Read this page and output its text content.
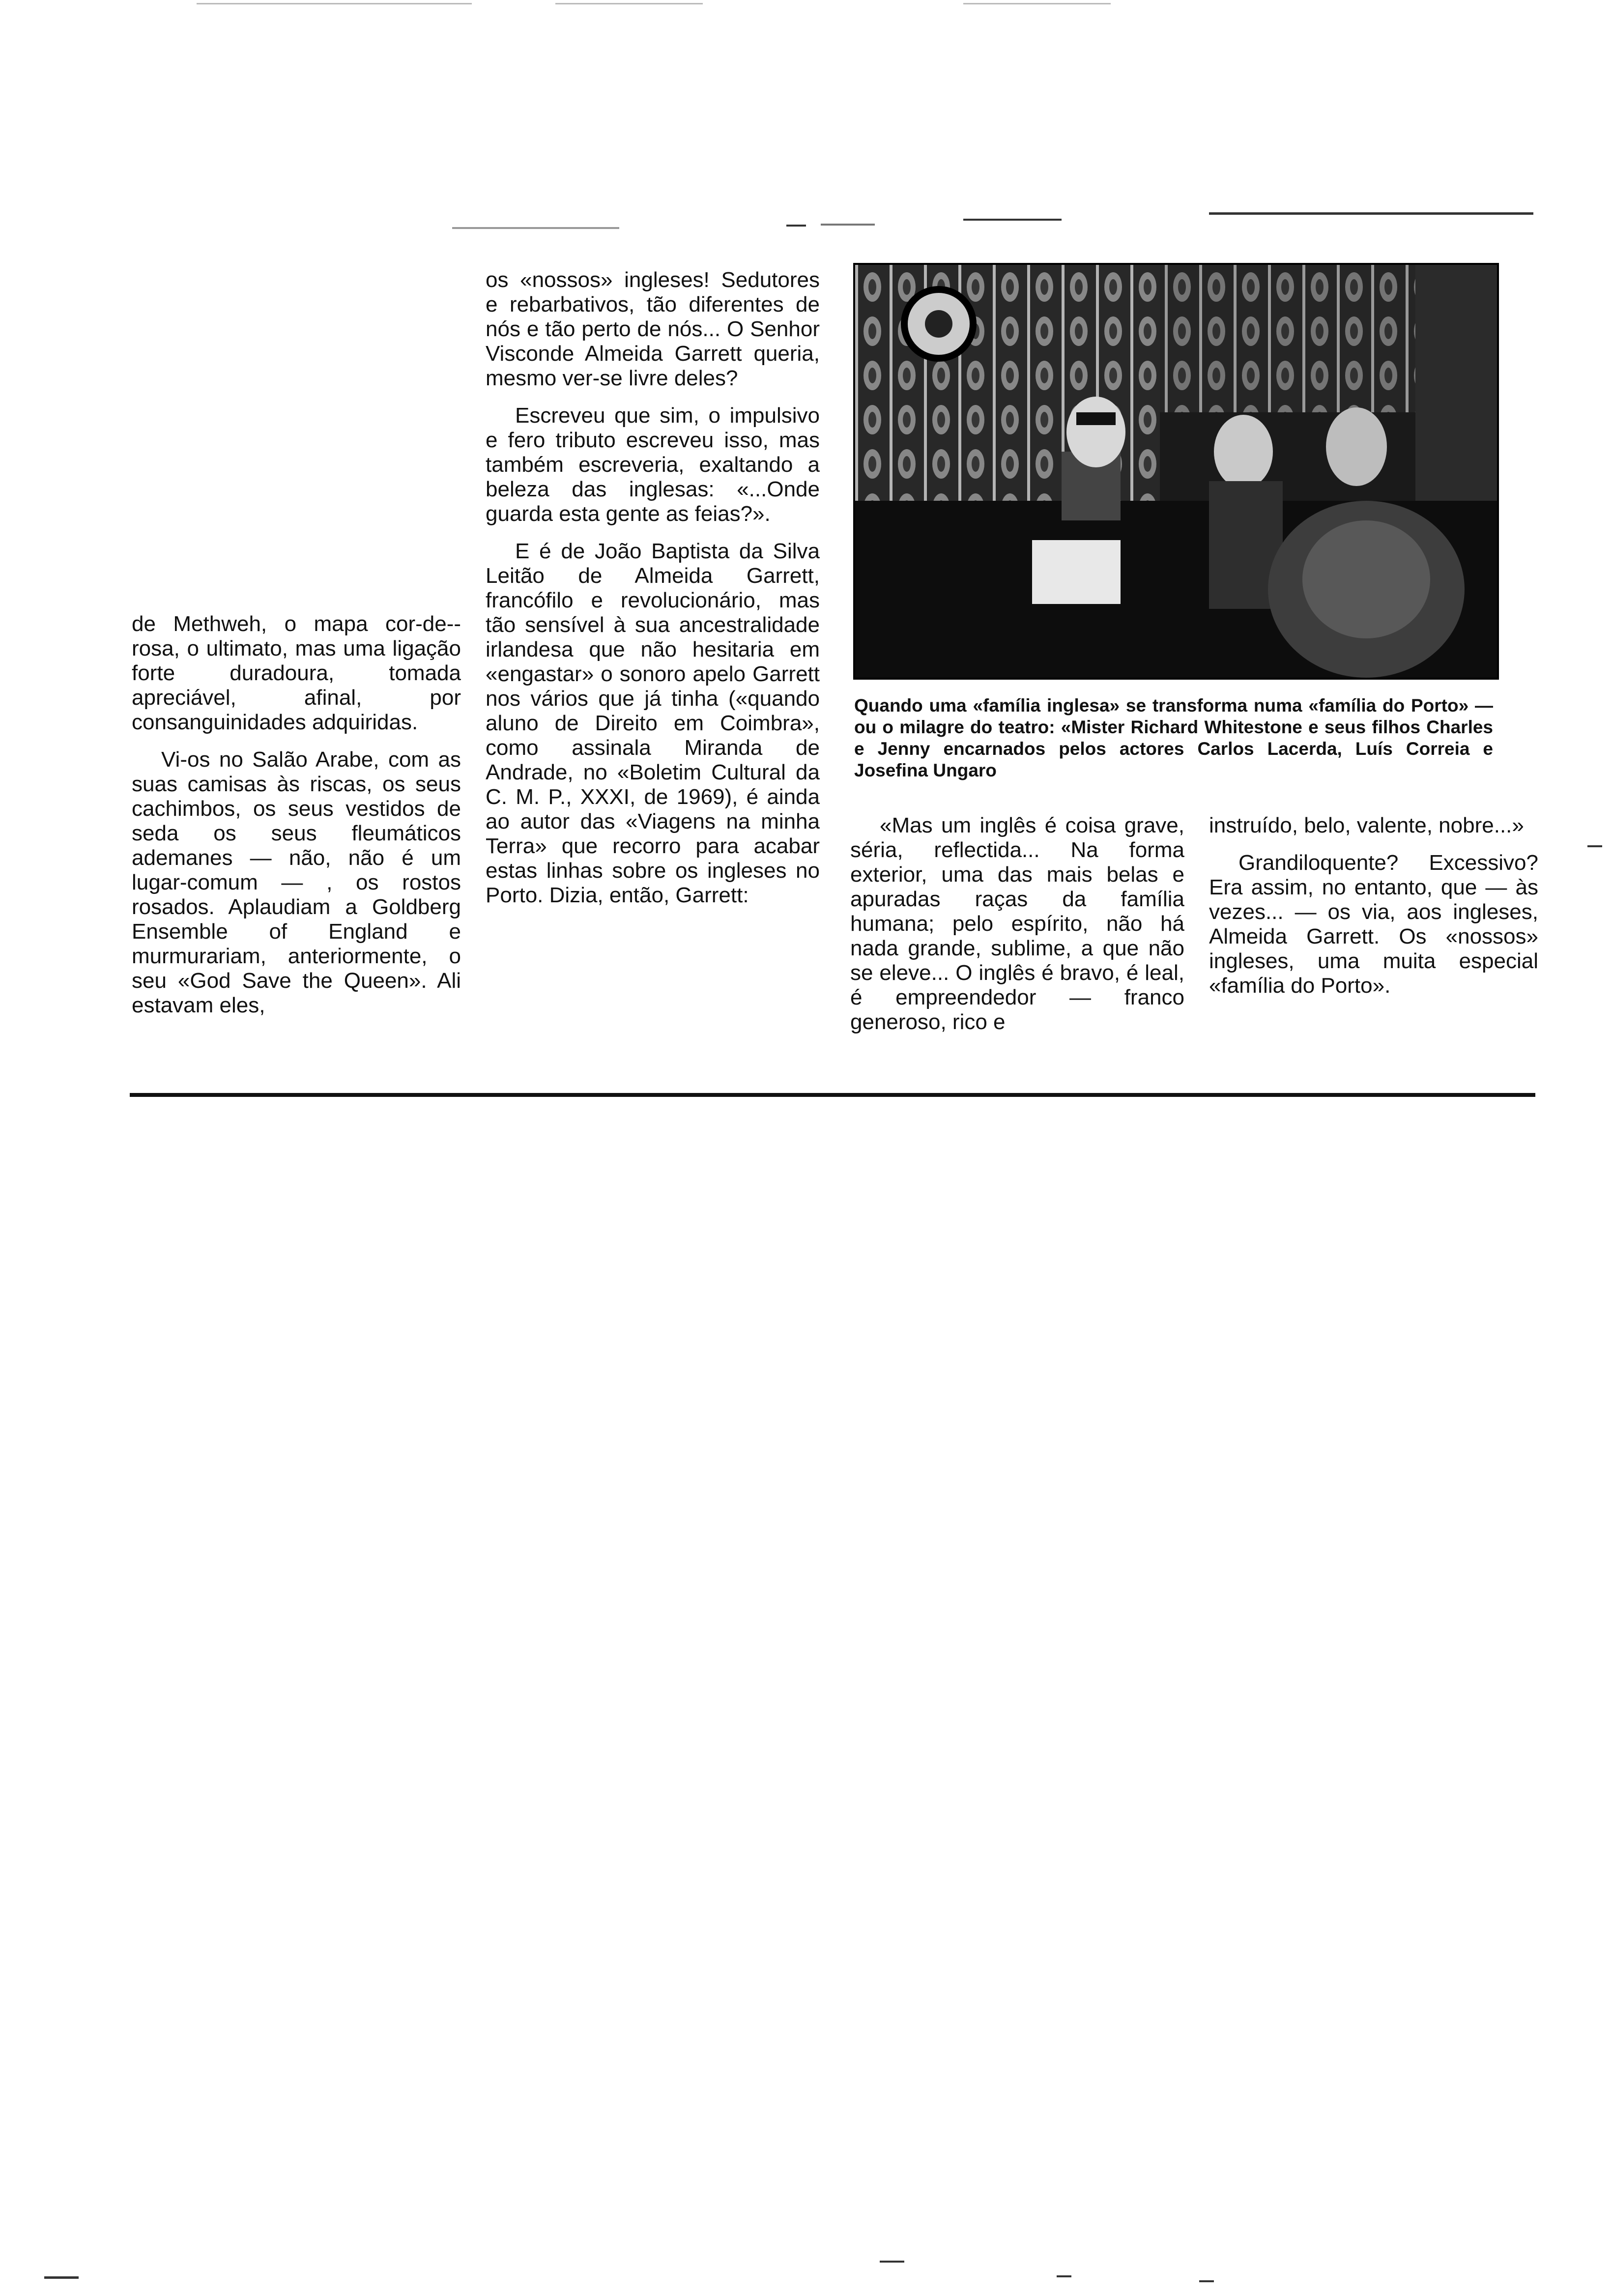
de Methweh, o mapa cor-de--rosa, o ultimato, mas uma ligação forte duradoura, tomada apreciável, afinal, por consanguinidades adquiridas.

Vi-os no Salão Arabe, com as suas camisas às riscas, os seus cachimbos, os seus vestidos de seda os seus fleumáticos ademanes — não, não é um lugar-comum — , os rostos rosados. Aplaudiam a Goldberg Ensemble of England e murmurariam, anteriormente, o seu «God Save the Queen». Ali estavam eles,

os «nossos» ingleses! Sedutores e rebarbativos, tão diferentes de nós e tão perto de nós... O Senhor Visconde Almeida Garrett queria, mesmo ver-se livre deles?

Escreveu que sim, o impulsivo e fero tributo escreveu isso, mas também escreveria, exaltando a beleza das inglesas: «...Onde guarda esta gente as feias?».

E é de João Baptista da Silva Leitão de Almeida Garrett, francófilo e revolucionário, mas tão sensível à sua ancestralidade irlandesa que não hesitaria em «engastar» o sonoro apelo Garrett nos vários que já tinha («quando aluno de Direito em Coimbra», como assinala Miranda de Andrade, no «Boletim Cultural da C. M. P., XXXI, de 1969), é ainda ao autor das «Viagens na minha Terra» que recorro para acabar estas linhas sobre os ingleses no Porto. Dizia, então, Garrett:

Quando uma «família inglesa» se transforma numa «família do Porto» — ou o milagre do teatro: «Mister Richard Whitestone e seus filhos Charles e Jenny encarnados pelos actores Carlos Lacerda, Luís Correia e Josefina Ungaro

«Mas um inglês é coisa grave, séria, reflectida... Na forma exterior, uma das mais belas e apuradas raças da família humana; pelo espírito, não há nada grande, sublime, a que não se eleve... O inglês é bravo, é leal, é empreendedor — franco generoso, rico e

instruído, belo, valente, nobre...»

Grandiloquente? Excessivo? Era assim, no entanto, que — às vezes... — os via, aos ingleses, Almeida Garrett. Os «nossos» ingleses, uma muita especial «família do Porto».
